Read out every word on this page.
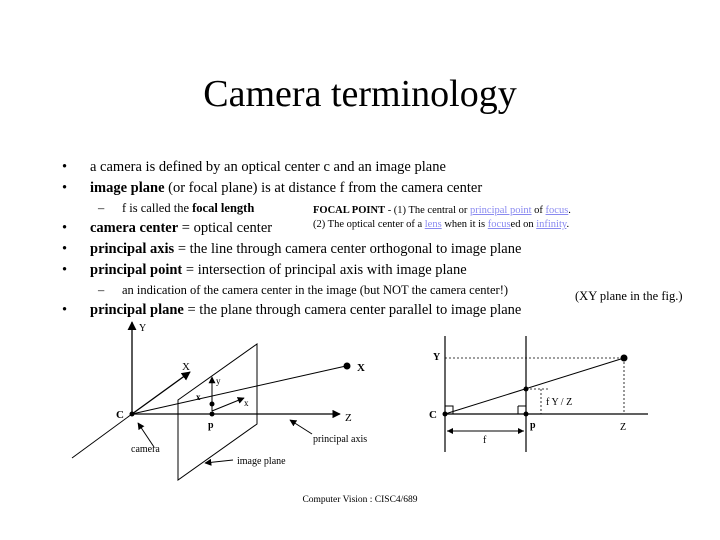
Camera terminology
• a camera is defined by an optical center c and an image plane
• image plane (or focal plane) is at distance f from the camera center
– f is called the focal length
• camera center = optical center
• principal axis = the line through camera center orthogonal to image plane
• principal point = intersection of principal axis with image plane
– an indication of the camera center in the image (but NOT the camera center!)
• principal plane = the plane through camera center parallel to image plane
(XY plane in the fig.)
FOCAL POINT - (1) The central or principal point of focus.
(2) The optical center of a lens when it is focused on infinity.
Y
X
Z
C
x
y
x
p
X
camera
image plane
principal axis
Y
C
p	Z
f
f Y / Z
Computer Vision : CISC4/689
